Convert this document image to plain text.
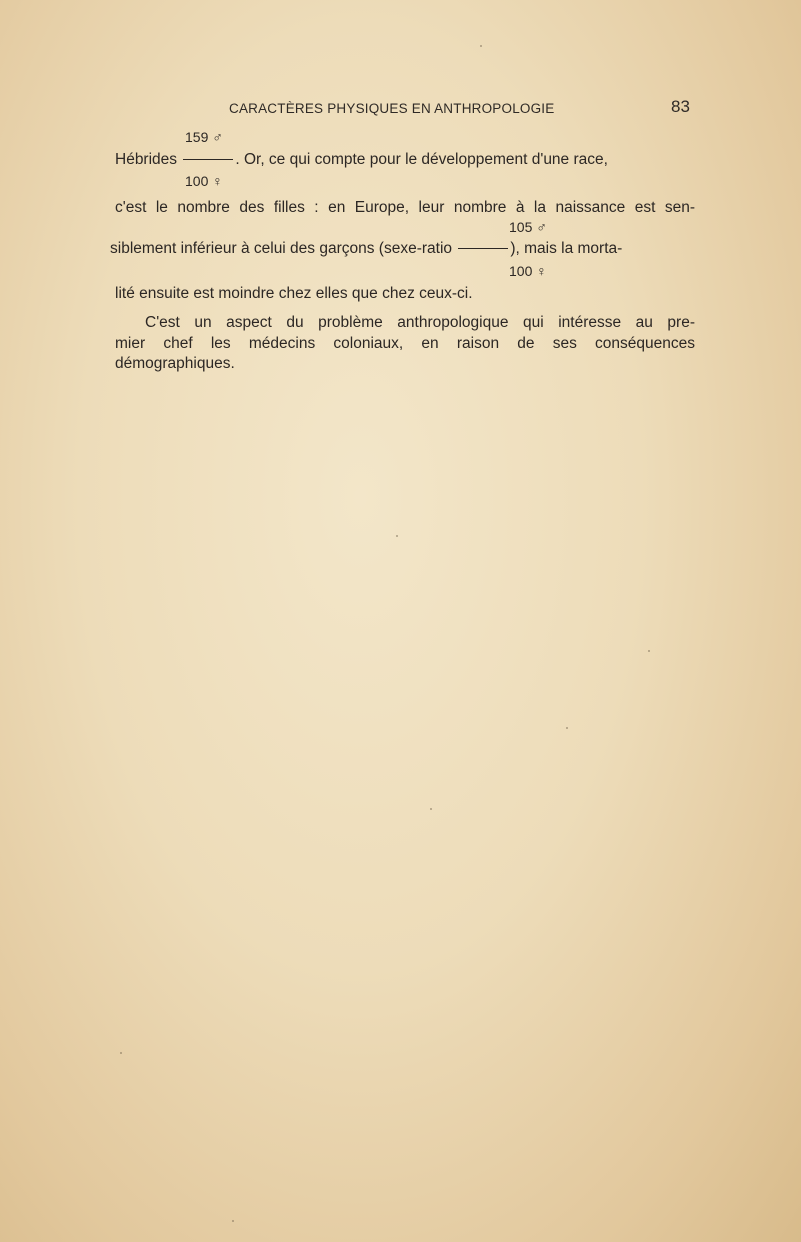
CARACTÈRES PHYSIQUES EN ANTHROPOLOGIE	83
159 ♂
100 ♀
Hébrides	. Or, ce qui compte pour le développement d'une race,
c'est le nombre des filles : en Europe, leur nombre à la naissance est sen-
105 ♂
100 ♀
siblement inférieur à celui des garçons (sexe-ratio	), mais la morta-
lité ensuite est moindre chez elles que chez ceux-ci.
C'est un aspect du problème anthropologique qui intéresse au pre-
mier chef les médecins coloniaux, en raison de ses conséquences
démographiques.
